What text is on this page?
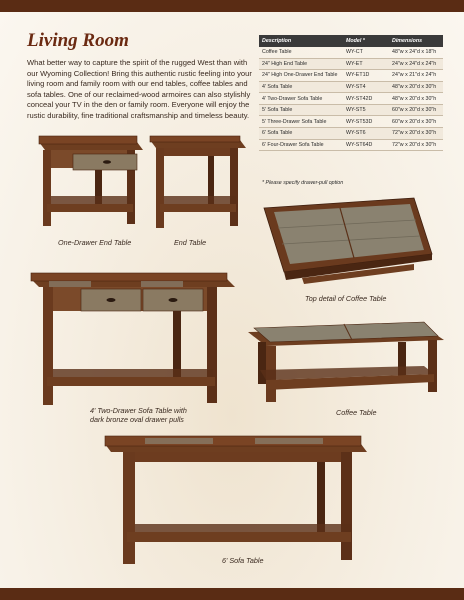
Living Room

What better way to capture the spirit of the rugged West than with our Wyoming Collection! Bring this authentic rustic feeling into your living room and family room with our end tables, coffee tables and sofa tables. One of our reclaimed-wood armoires can also stylishly conceal your TV in the den or family room. Everyone will enjoy the rustic durability, fine traditional craftsmanship and timeless beauty.

Description	Model *	Dimensions
Coffee Table	WY-CT	48"w x 24"d x 18"h
24" High End Table	WY-ET	24"w x 24"d x 24"h
24" High One-Drawer End Table	WY-ET1D	24"w x 21"d x 24"h
4' Sofa Table	WY-ST4	48"w x 20"d x 30"h
4' Two-Drawer Sofa Table	WY-ST42D	48"w x 20"d x 30"h
5' Sofa Table	WY-ST5	60"w x 20"d x 30"h
5' Three-Drawer Sofa Table	WY-ST53D	60"w x 20"d x 30"h
6' Sofa Table	WY-ST6	72"w x 20"d x 30"h
6' Four-Drawer Sofa Table	WY-ST64D	72"w x 20"d x 30"h
* Please specify drawer-pull option
One-Drawer End Table	End Table
Top detail of Coffee Table
4' Two-Drawer Sofa Table with
dark bronze oval drawer pulls
Coffee Table
6' Sofa Table
